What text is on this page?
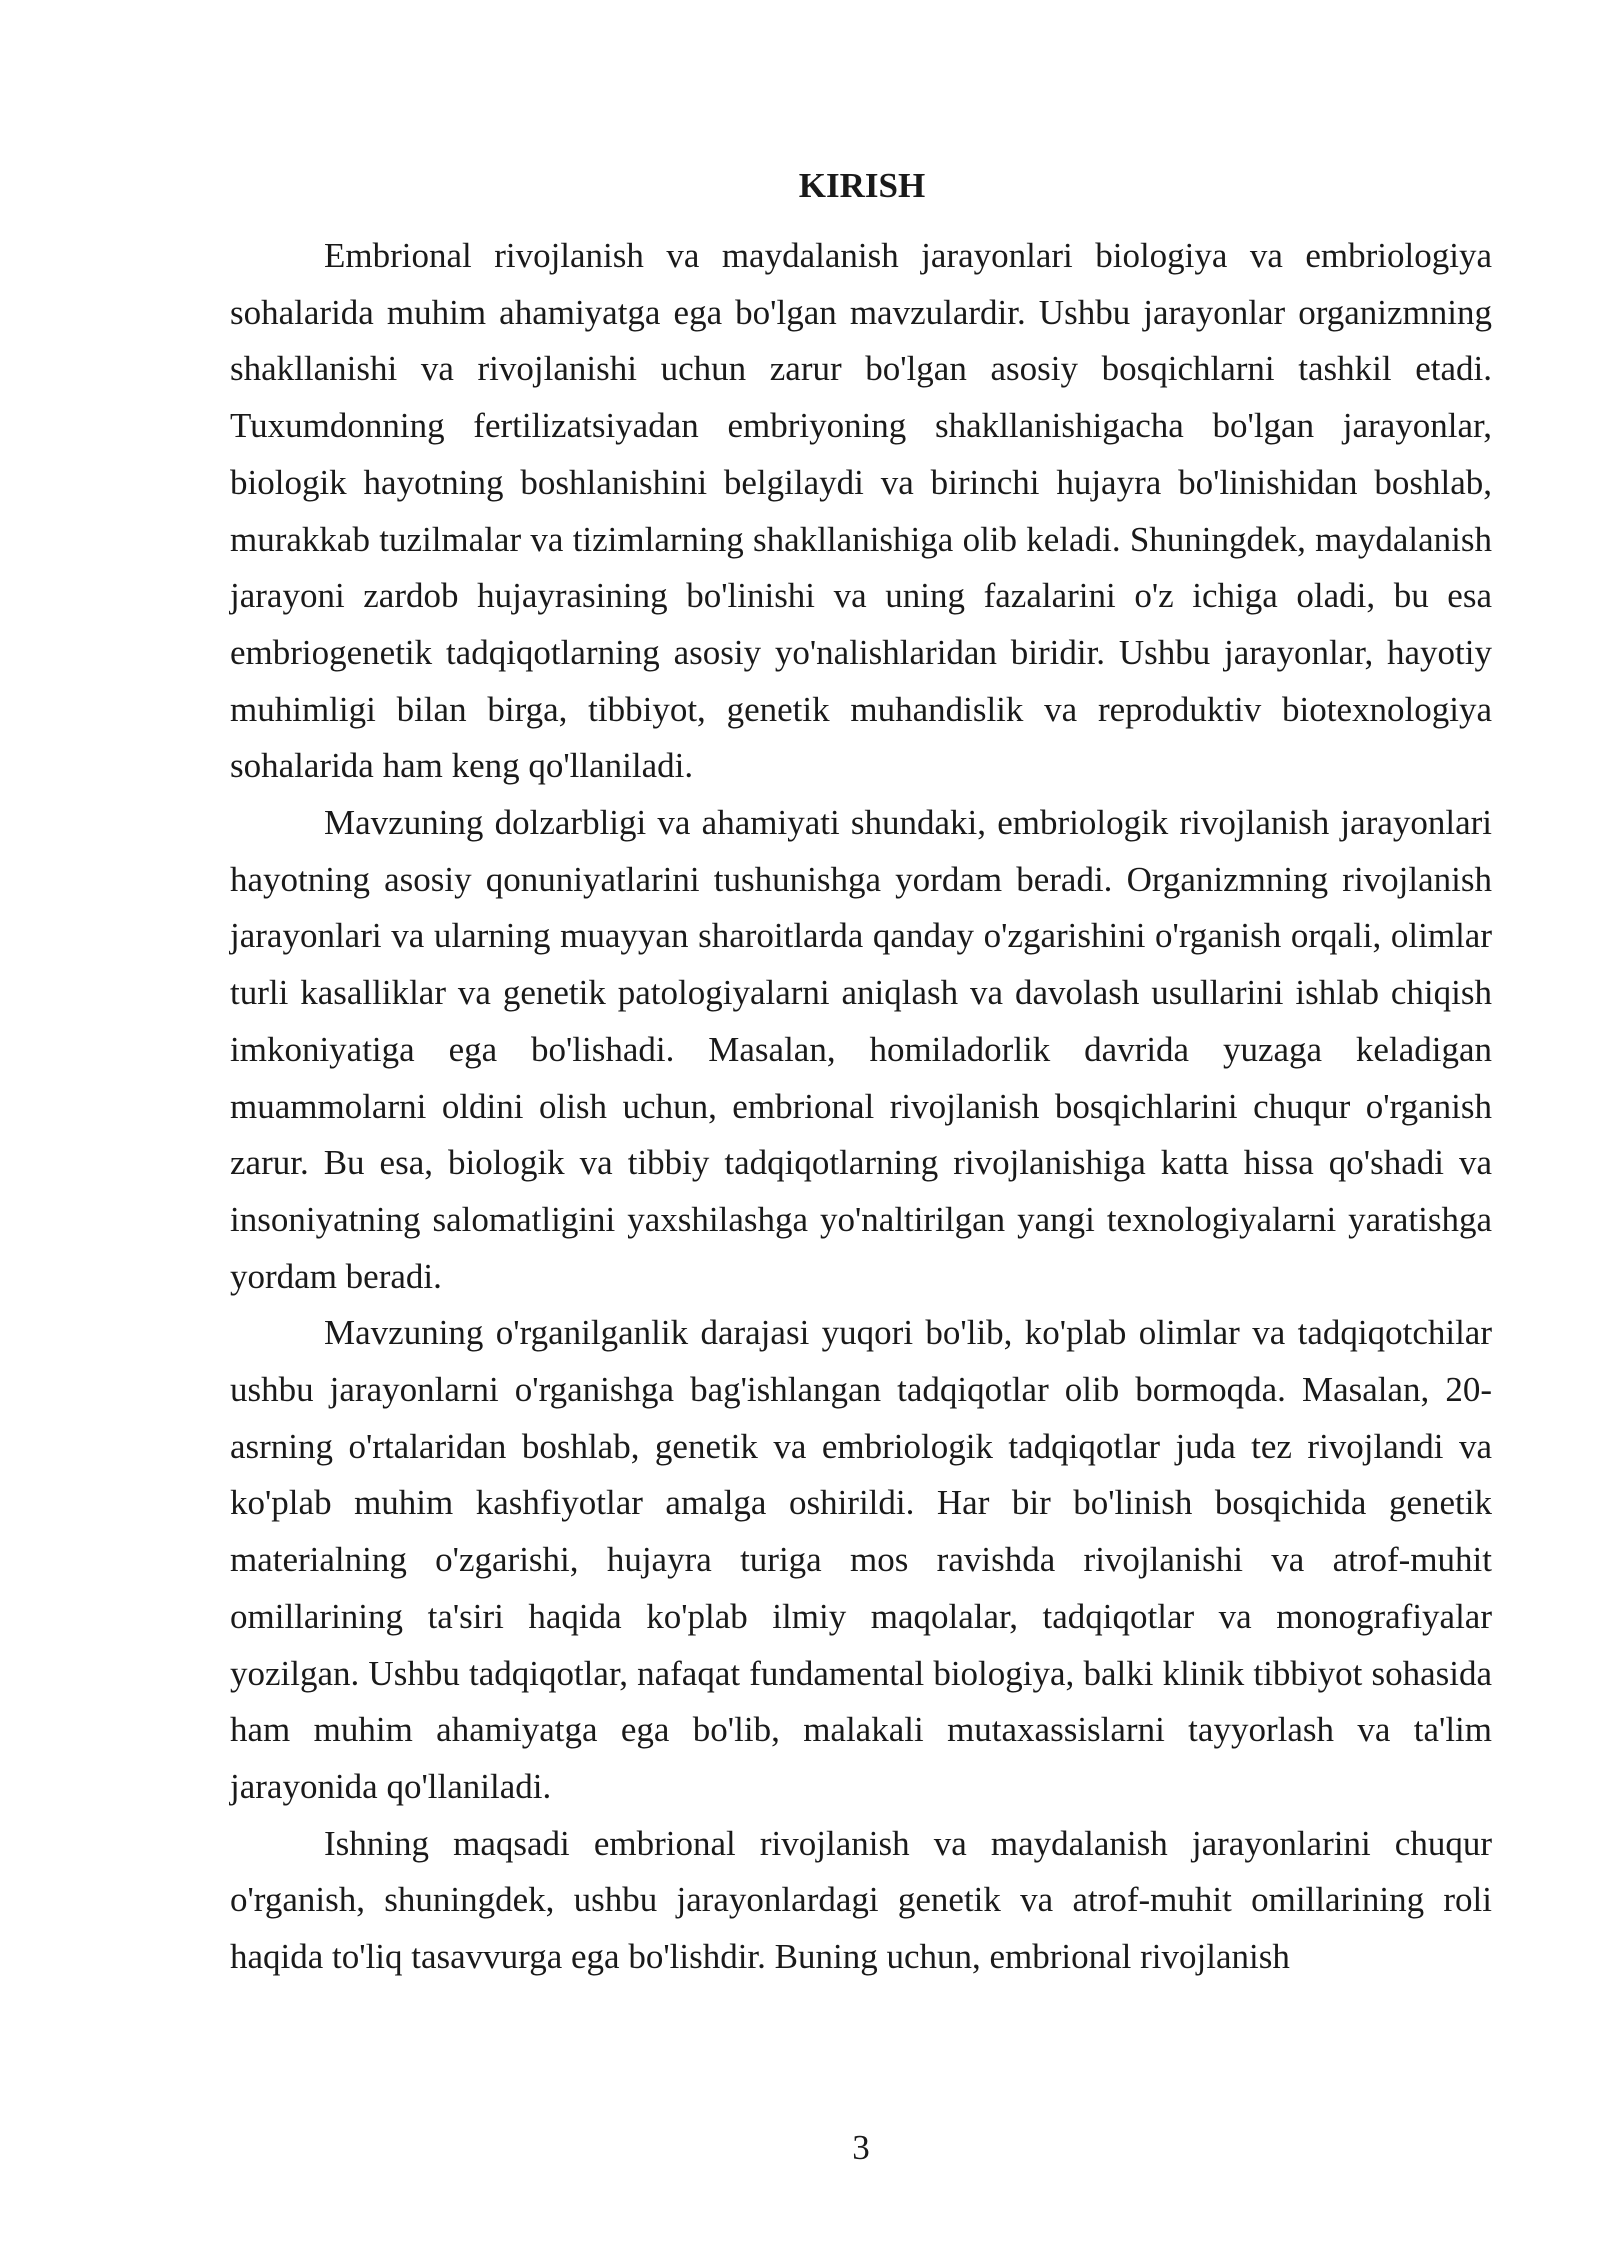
KIRISH

Embrional rivojlanish va maydalanish jarayonlari biologiya va embriologiya sohalarida muhim ahamiyatga ega bo'lgan mavzulardir. Ushbu jarayonlar organizmning shakllanishi va rivojlanishi uchun zarur bo'lgan asosiy bosqichlarni tashkil etadi. Tuxumdonning fertilizatsiyadan embriyoning shakllanishigacha bo'lgan jarayonlar, biologik hayotning boshlanishini belgilaydi va birinchi hujayra bo'linishidan boshlab, murakkab tuzilmalar va tizimlarning shakllanishiga olib keladi. Shuningdek, maydalanish jarayoni zardob hujayrasining bo'linishi va uning fazalarini o'z ichiga oladi, bu esa embriogenetik tadqiqotlarning asosiy yo'nalishlaridan biridir. Ushbu jarayonlar, hayotiy muhimligi bilan birga, tibbiyot, genetik muhandislik va reproduktiv biotexnologiya sohalarida ham keng qo'llaniladi.

Mavzuning dolzarbligi va ahamiyati shundaki, embriologik rivojlanish jarayonlari hayotning asosiy qonuniyatlarini tushunishga yordam beradi. Organizmning rivojlanish jarayonlari va ularning muayyan sharoitlarda qanday o'zgarishini o'rganish orqali, olimlar turli kasalliklar va genetik patologiyalarni aniqlash va davolash usullarini ishlab chiqish imkoniyatiga ega bo'lishadi. Masalan, homiladorlik davrida yuzaga keladigan muammolarni oldini olish uchun, embrional rivojlanish bosqichlarini chuqur o'rganish zarur. Bu esa, biologik va tibbiy tadqiqotlarning rivojlanishiga katta hissa qo'shadi va insoniyatning salomatligini yaxshilashga yo'naltirilgan yangi texnologiyalarni yaratishga yordam beradi.

Mavzuning o'rganilganlik darajasi yuqori bo'lib, ko'plab olimlar va tadqiqotchilar ushbu jarayonlarni o'rganishga bag'ishlangan tadqiqotlar olib bormoqda. Masalan, 20-asrning o'rtalaridan boshlab, genetik va embriologik tadqiqotlar juda tez rivojlandi va ko'plab muhim kashfiyotlar amalga oshirildi. Har bir bo'linish bosqichida genetik materialning o'zgarishi, hujayra turiga mos ravishda rivojlanishi va atrof-muhit omillarining ta'siri haqida ko'plab ilmiy maqolalar, tadqiqotlar va monografiyalar yozilgan. Ushbu tadqiqotlar, nafaqat fundamental biologiya, balki klinik tibbiyot sohasida ham muhim ahamiyatga ega bo'lib, malakali mutaxassislarni tayyorlash va ta'lim jarayonida qo'llaniladi.

Ishning maqsadi embrional rivojlanish va maydalanish jarayonlarini chuqur o'rganish, shuningdek, ushbu jarayonlardagi genetik va atrof-muhit omillarining roli haqida to'liq tasavvurga ega bo'lishdir. Buning uchun, embrional rivojlanish

3
